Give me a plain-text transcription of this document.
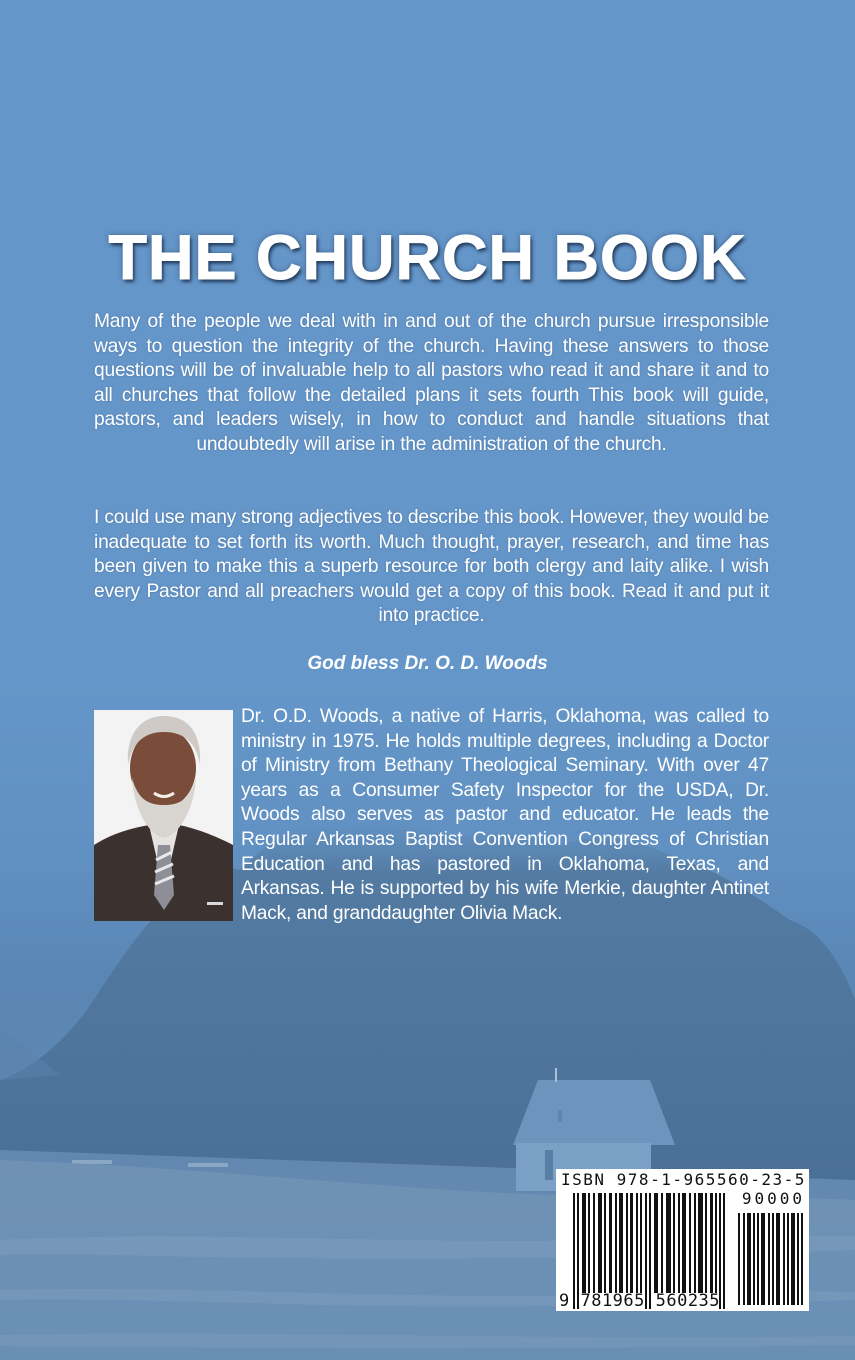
THE CHURCH BOOK
Many of the people we deal with in and out of the church pursue irresponsible ways to question the integrity of the church. Having these answers to those questions will be of invaluable help to all pastors who read it and share it and to all churches that follow the detailed plans it sets fourth This book will guide, pastors, and leaders wisely, in how to conduct and handle situations that undoubtedly will arise in the administration of the church.
I could use many strong adjectives to describe this book. However, they would be inadequate to set forth its worth. Much thought, prayer, research, and time has been given to make this a superb resource for both clergy and laity alike. I wish every Pastor and all preachers would get a copy of this book. Read it and put it into practice.
God bless Dr. O. D. Woods
Dr. O.D. Woods, a native of Harris, Oklahoma, was called to ministry in 1975. He holds multiple degrees, including a Doctor of Ministry from Bethany Theological Seminary. With over 47 years as a Consumer Safety Inspector for the USDA, Dr. Woods also serves as pastor and educator. He leads the Regular Arkansas Baptist Convention Congress of Christian Education and has pastored in Oklahoma, Texas, and Arkansas. He is supported by his wife Merkie, daughter Antinet Mack, and granddaughter Olivia Mack.
ISBN 978-1-965560-23-5
90000
9 781965 560235
